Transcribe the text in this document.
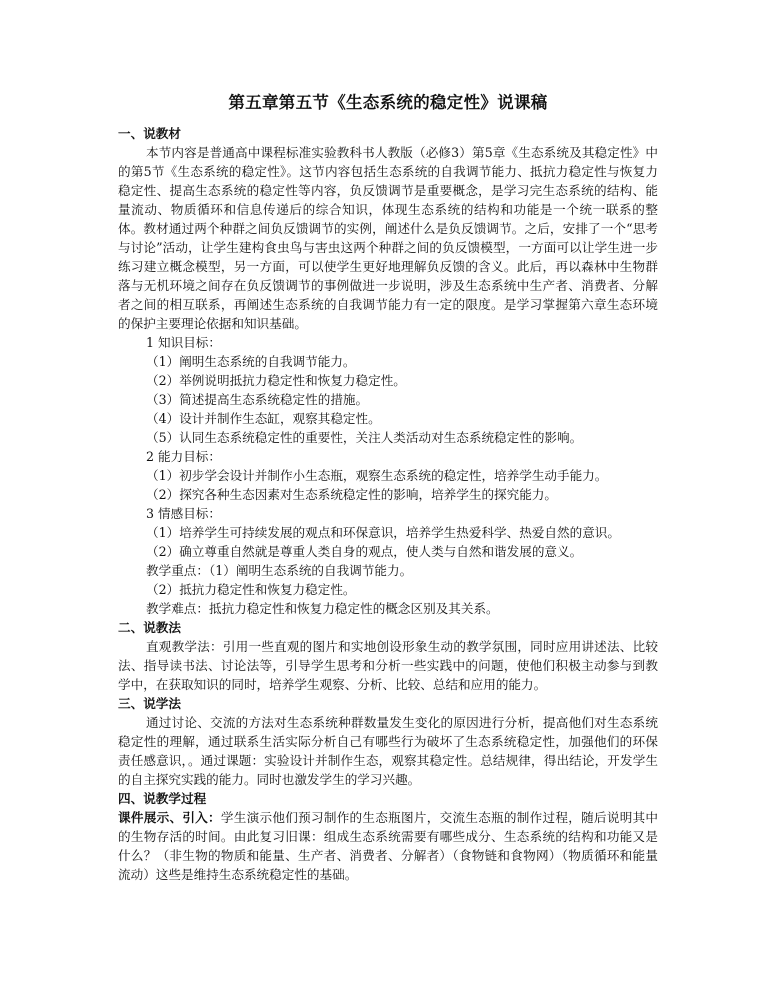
第五章第五节《生态系统的稳定性》说课稿
一、说教材
本节内容是普通高中课程标准实验教科书人教版（必修3）第5章《生态系统及其稳定性》中的第5节《生态系统的稳定性》。这节内容包括生态系统的自我调节能力、抵抗力稳定性与恢复力稳定性、提高生态系统的稳定性等内容，负反馈调节是重要概念，是学习完生态系统的结构、能量流动、物质循环和信息传递后的综合知识，体现生态系统的结构和功能是一个统一联系的整体。教材通过两个种群之间负反馈调节的实例，阐述什么是负反馈调节。之后，安排了一个“思考与讨论”活动，让学生建构食虫鸟与害虫这两个种群之间的负反馈模型，一方面可以让学生进一步练习建立概念模型，另一方面，可以使学生更好地理解负反馈的含义。此后，再以森林中生物群落与无机环境之间存在负反馈调节的事例做进一步说明，涉及生态系统中生产者、消费者、分解者之间的相互联系，再阐述生态系统的自我调节能力有一定的限度。是学习掌握第六章生态环境的保护主要理论依据和知识基础。
1 知识目标：
（1）阐明生态系统的自我调节能力。
（2）举例说明抵抗力稳定性和恢复力稳定性。
（3）简述提高生态系统稳定性的措施。
（4）设计并制作生态缸，观察其稳定性。
（5）认同生态系统稳定性的重要性，关注人类活动对生态系统稳定性的影响。
2 能力目标：
（1）初步学会设计并制作小生态瓶，观察生态系统的稳定性，培养学生动手能力。
（2）探究各种生态因素对生态系统稳定性的影响，培养学生的探究能力。
3 情感目标：
（1）培养学生可持续发展的观点和环保意识，培养学生热爱科学、热爱自然的意识。
（2）确立尊重自然就是尊重人类自身的观点，使人类与自然和谐发展的意义。
教学重点：（1）阐明生态系统的自我调节能力。
（2）抵抗力稳定性和恢复力稳定性。
教学难点：抵抗力稳定性和恢复力稳定性的概念区别及其关系。
二、说教法
直观教学法：引用一些直观的图片和实地创设形象生动的教学氛围，同时应用讲述法、比较法、指导读书法、讨论法等，引导学生思考和分析一些实践中的问题，使他们积极主动参与到教学中，在获取知识的同时，培养学生观察、分析、比较、总结和应用的能力。
三、说学法
通过讨论、交流的方法对生态系统种群数量发生变化的原因进行分析，提高他们对生态系统稳定性的理解，通过联系生活实际分析自己有哪些行为破坏了生态系统稳定性，加强他们的环保责任感意识，。通过课题：实验设计并制作生态，观察其稳定性。总结规律，得出结论，开发学生的自主探究实践的能力。同时也激发学生的学习兴趣。
四、说教学过程
课件展示、引入：学生演示他们预习制作的生态瓶图片，交流生态瓶的制作过程，随后说明其中的生物存活的时间。由此复习旧课：组成生态系统需要有哪些成分、生态系统的结构和功能又是什么？（非生物的物质和能量、生产者、消费者、分解者）（食物链和食物网）（物质循环和能量流动）这些是维持生态系统稳定性的基础。
